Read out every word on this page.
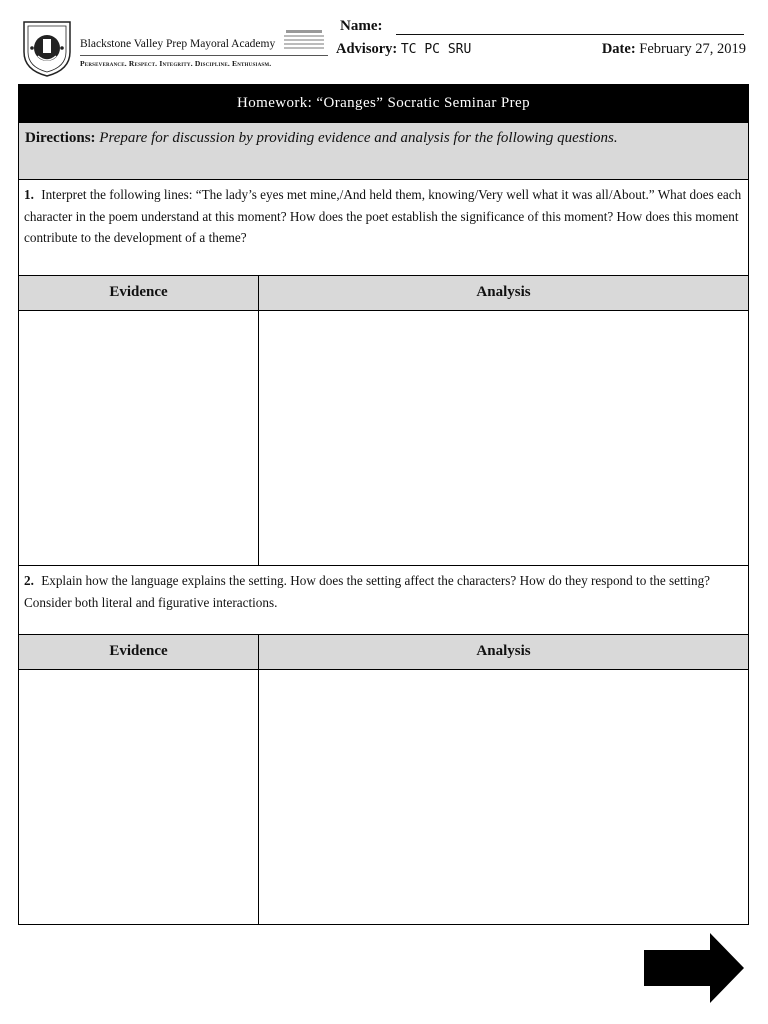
Blackstone Valley Prep Mayoral Academy
Perseverance. Respect. Integrity. Discipline. Enthusiasm.
Name:
Advisory: TC PC SRU	Date: February 27, 2019
Homework: “Oranges” Socratic Seminar Prep
Directions: Prepare for discussion by providing evidence and analysis for the following questions.
1. Interpret the following lines: “The lady’s eyes met mine,/And held them, knowing/Very well what it was all/About.” What does each character in the poem understand at this moment? How does the poet establish the significance of this moment? How does this moment contribute to the development of a theme?
Evidence	Analysis
2. Explain how the language explains the setting. How does the setting affect the characters? How do they respond to the setting? Consider both literal and figurative interactions.
Evidence	Analysis
